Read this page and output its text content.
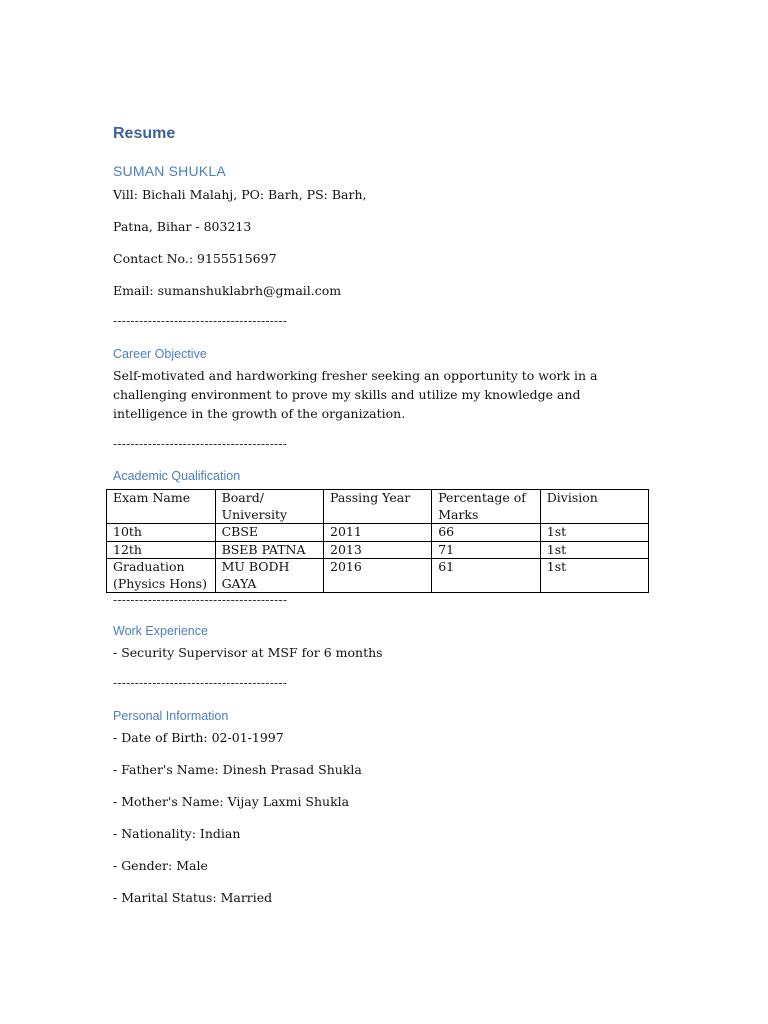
Resume
SUMAN SHUKLA

Vill: Bichali Malahj, PO: Barh, PS: Barh,

Patna, Bihar - 803213

Contact No.: 9155515697

Email: sumanshuklabrh@gmail.com

----------------------------------------

Career Objective

Self-motivated and hardworking fresher seeking an opportunity to work in a challenging environment to prove my skills and utilize my knowledge and intelligence in the growth of the organization.

----------------------------------------

Academic Qualification
Exam Name	Board/ University	Passing Year	Percentage of Marks	Division
10th	CBSE	2011	66	1st
12th	BSEB PATNA	2013	71	1st
Graduation (Physics Hons)	MU BODH GAYA	2016	61	1st

----------------------------------------

Work Experience

- Security Supervisor at MSF for 6 months

----------------------------------------

Personal Information

- Date of Birth: 02-01-1997

- Father's Name: Dinesh Prasad Shukla

- Mother's Name: Vijay Laxmi Shukla

- Nationality: Indian

- Gender: Male

- Marital Status: Married
